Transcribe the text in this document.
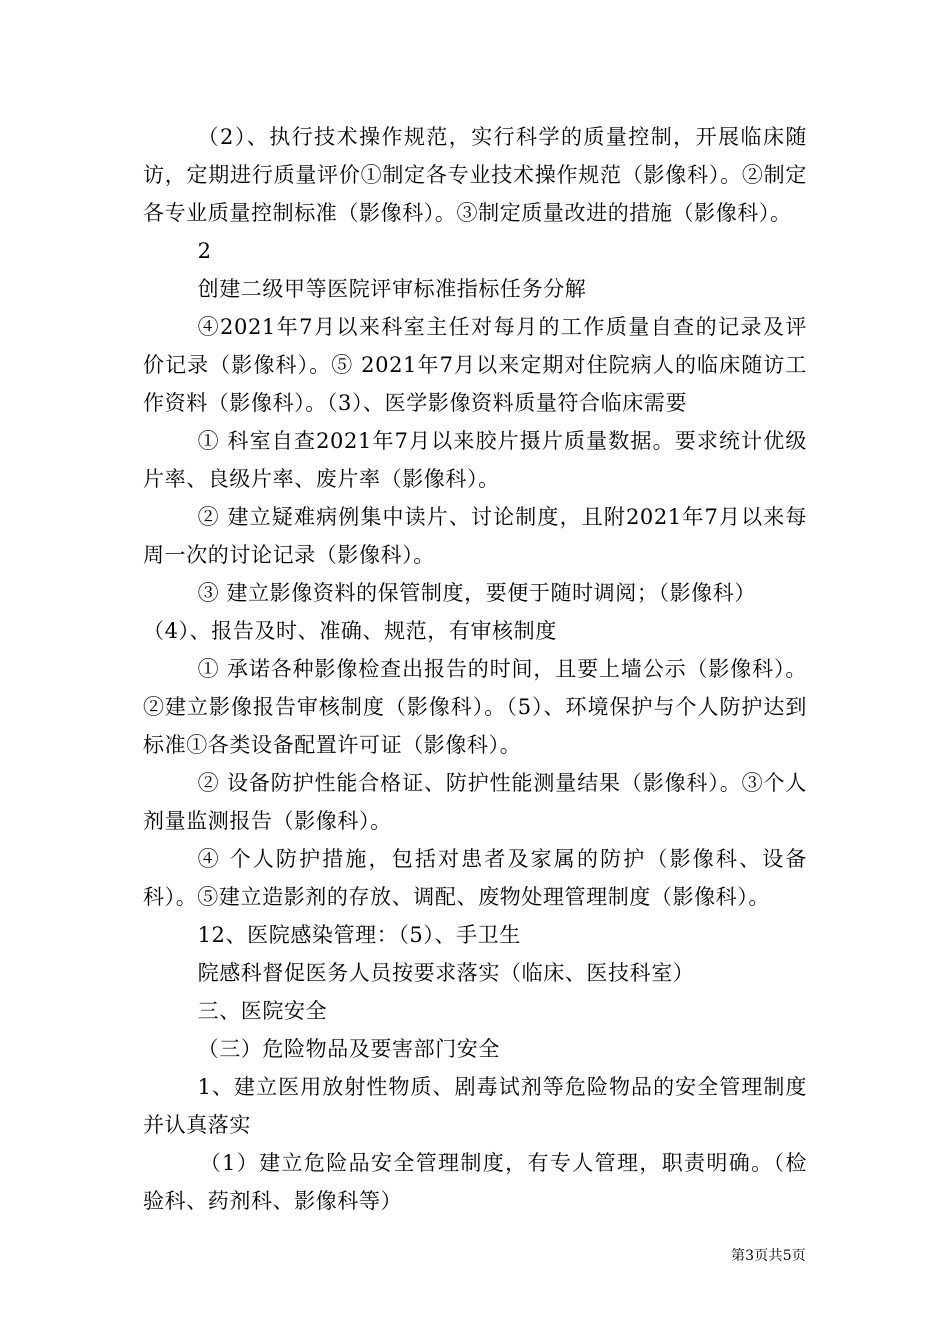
（2）、执行技术操作规范，实行科学的质量控制，开展临床随访，定期进行质量评价①制定各专业技术操作规范（影像科）。②制定各专业质量控制标准（影像科）。③制定质量改进的措施（影像科）。

2

创建二级甲等医院评审标准指标任务分解

④2021年7月以来科室主任对每月的工作质量自查的记录及评价记录（影像科）。⑤ 2021年7月以来定期对住院病人的临床随访工作资料（影像科）。（3）、医学影像资料质量符合临床需要

① 科室自查2021年7月以来胶片摄片质量数据。要求统计优级片率、良级片率、废片率（影像科）。

② 建立疑难病例集中读片、讨论制度，且附2021年7月以来每周一次的讨论记录（影像科）。

③ 建立影像资料的保管制度，要便于随时调阅；（影像科）

（4）、报告及时、准确、规范，有审核制度

① 承诺各种影像检查出报告的时间，且要上墙公示（影像科）。②建立影像报告审核制度（影像科）。（5）、环境保护与个人防护达到标准①各类设备配置许可证（影像科）。

② 设备防护性能合格证、防护性能测量结果（影像科）。③个人剂量监测报告（影像科）。

④ 个人防护措施，包括对患者及家属的防护（影像科、设备科）。⑤建立造影剂的存放、调配、废物处理管理制度（影像科）。

12、医院感染管理：（5）、手卫生

院感科督促医务人员按要求落实（临床、医技科室）

三、医院安全

（三）危险物品及要害部门安全

1、建立医用放射性物质、剧毒试剂等危险物品的安全管理制度并认真落实

（1）建立危险品安全管理制度，有专人管理，职责明确。（检验科、药剂科、影像科等）

第3页共5页
